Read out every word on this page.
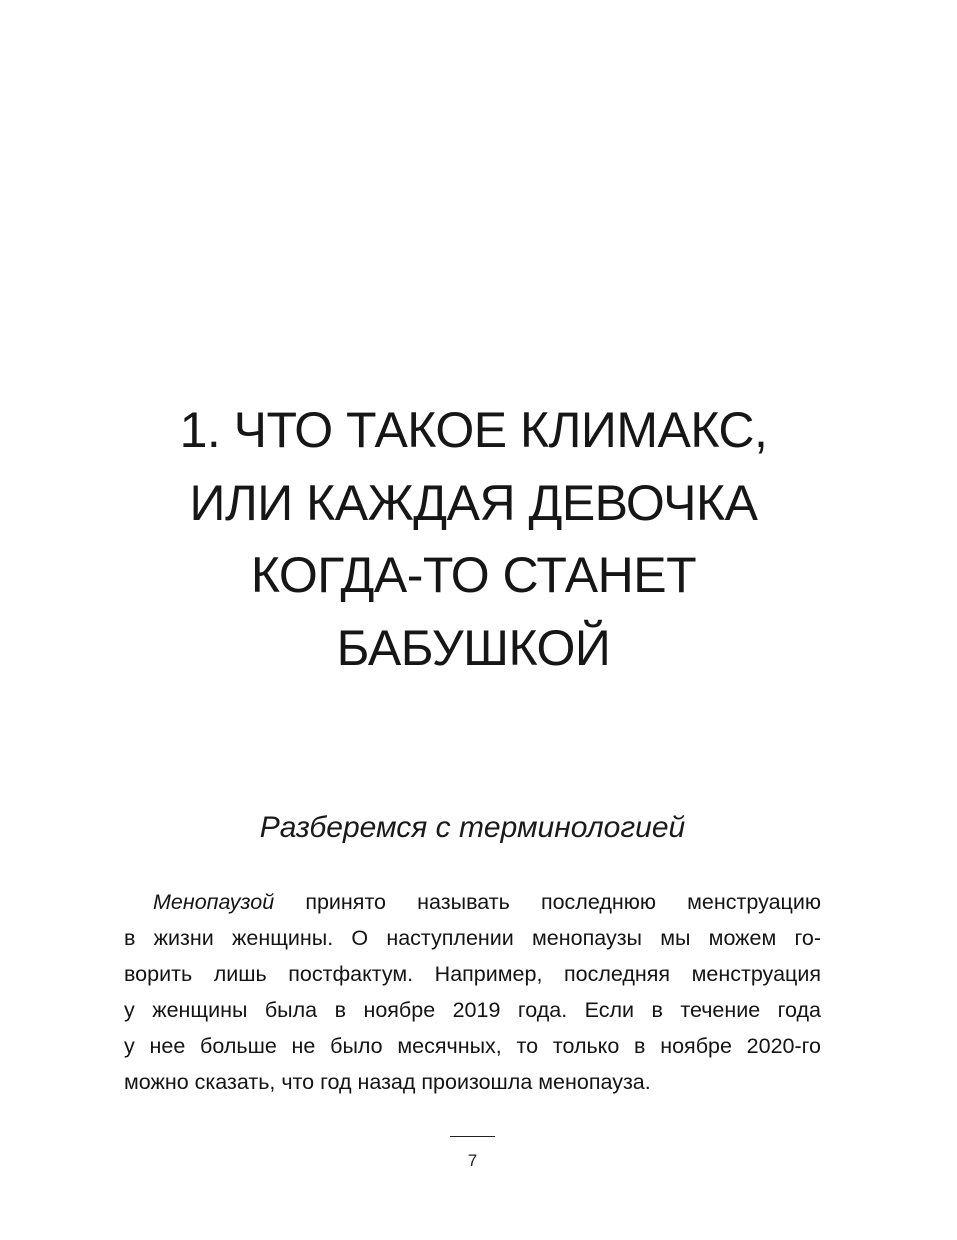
1. ЧТО ТАКОЕ КЛИМАКС,
ИЛИ КАЖДАЯ ДЕВОЧКА
КОГДА-ТО СТАНЕТ
БАБУШКОЙ
Разберемся с терминологией

Менопаузой принято называть последнюю менструацию
в жизни женщины. О наступлении менопаузы мы можем го-
ворить лишь постфактум. Например, последняя менструация
у женщины была в ноябре 2019 года. Если в течение года
у нее больше не было месячных, то только в ноябре 2020-го
можно сказать, что год назад произошла менопауза.

7
